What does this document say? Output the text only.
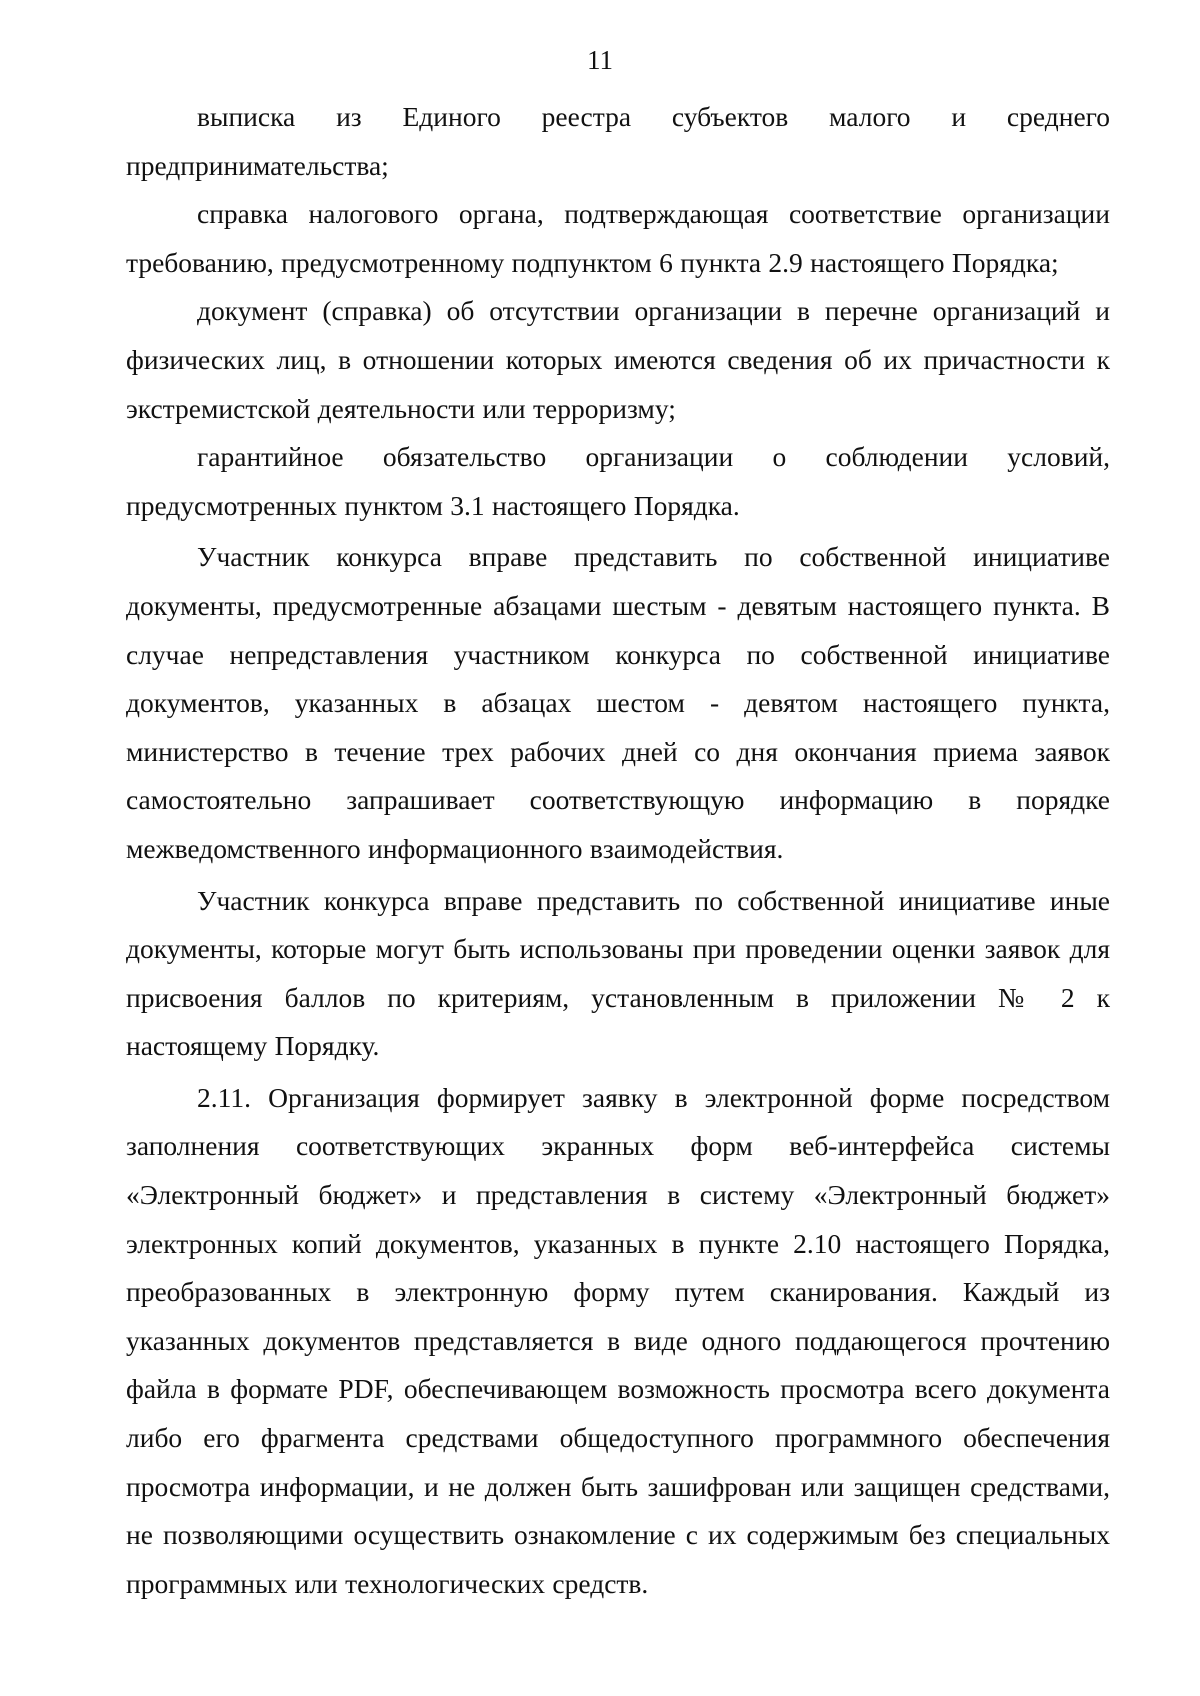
11

выписка из Единого реестра субъектов малого и среднего предпринимательства;

справка налогового органа, подтверждающая соответствие организации требованию, предусмотренному подпунктом 6 пункта 2.9 настоящего Порядка;

документ (справка) об отсутствии организации в перечне организаций и физических лиц, в отношении которых имеются сведения об их причастности к экстремистской деятельности или терроризму;

гарантийное обязательство организации о соблюдении условий, предусмотренных пунктом 3.1 настоящего Порядка.

Участник конкурса вправе представить по собственной инициативе документы, предусмотренные абзацами шестым - девятым настоящего пункта. В случае непредставления участником конкурса по собственной инициативе документов, указанных в абзацах шестом - девятом настоящего пункта, министерство в течение трех рабочих дней со дня окончания приема заявок самостоятельно запрашивает соответствующую информацию в порядке межведомственного информационного взаимодействия.

Участник конкурса вправе представить по собственной инициативе иные документы, которые могут быть использованы при проведении оценки заявок для присвоения баллов по критериям, установленным в приложении № 2 к настоящему Порядку.

2.11. Организация формирует заявку в электронной форме посредством заполнения соответствующих экранных форм веб-интерфейса системы «Электронный бюджет» и представления в систему «Электронный бюджет» электронных копий документов, указанных в пункте 2.10 настоящего Порядка, преобразованных в электронную форму путем сканирования. Каждый из указанных документов представляется в виде одного поддающегося прочтению файла в формате PDF, обеспечивающем возможность просмотра всего документа либо его фрагмента средствами общедоступного программного обеспечения просмотра информации, и не должен быть зашифрован или защищен средствами, не позволяющими осуществить ознакомление с их содержимым без специальных программных или технологических средств.
